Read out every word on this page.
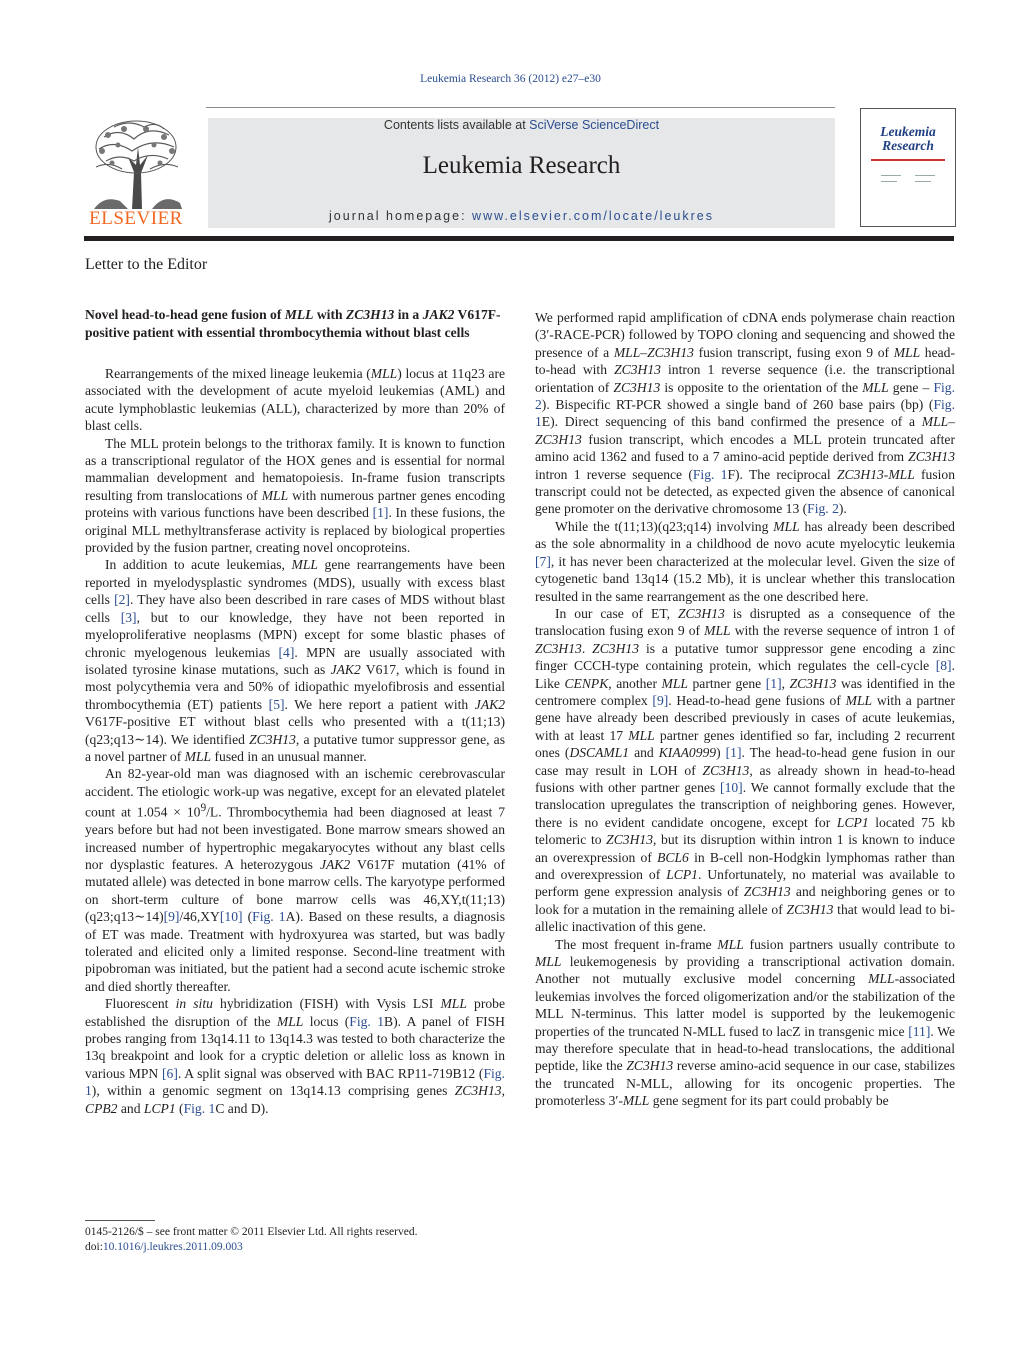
Leukemia Research 36 (2012) e27–e30
ELSEVIER
Contents lists available at SciVerse ScienceDirect
Leukemia Research
journal homepage: www.elsevier.com/locate/leukres
Leukemia
Research
Letter to the Editor
Novel head-to-head gene fusion of MLL with ZC3H13 in a JAK2 V617F-positive patient with essential thrombocythemia without blast cells

Rearrangements of the mixed lineage leukemia (MLL) locus at 11q23 are associated with the development of acute myeloid leukemias (AML) and acute lymphoblastic leukemias (ALL), characterized by more than 20% of blast cells.

The MLL protein belongs to the trithorax family. It is known to function as a transcriptional regulator of the HOX genes and is essential for normal mammalian development and hematopoiesis. In-frame fusion transcripts resulting from translocations of MLL with numerous partner genes encoding proteins with various functions have been described [1]. In these fusions, the original MLL methyltransferase activity is replaced by biological properties provided by the fusion partner, creating novel oncoproteins.

In addition to acute leukemias, MLL gene rearrangements have been reported in myelodysplastic syndromes (MDS), usually with excess blast cells [2]. They have also been described in rare cases of MDS without blast cells [3], but to our knowledge, they have not been reported in myeloproliferative neoplasms (MPN) except for some blastic phases of chronic myelogenous leukemias [4]. MPN are usually associated with isolated tyrosine kinase mutations, such as JAK2 V617, which is found in most polycythemia vera and 50% of idiopathic myelofibrosis and essential thrombocythemia (ET) patients [5]. We here report a patient with JAK2 V617F-positive ET without blast cells who presented with a t(11;13)(q23;q13∼14). We identified ZC3H13, a putative tumor suppressor gene, as a novel partner of MLL fused in an unusual manner.

An 82-year-old man was diagnosed with an ischemic cerebrovascular accident. The etiologic work-up was negative, except for an elevated platelet count at $1.054 \times 10^9/L$. Thrombocythemia had been diagnosed at least 7 years before but had not been investigated. Bone marrow smears showed an increased number of hypertrophic megakaryocytes without any blast cells nor dysplastic features. A heterozygous JAK2 V617F mutation (41% of mutated allele) was detected in bone marrow cells. The karyotype performed on short-term culture of bone marrow cells was 46,XY,t(11;13)(q23;q13∼14)[9]/46,XY[10] (Fig. 1A). Based on these results, a diagnosis of ET was made. Treatment with hydroxyurea was started, but was badly tolerated and elicited only a limited response. Second-line treatment with pipobroman was initiated, but the patient had a second acute ischemic stroke and died shortly thereafter.

Fluorescent in situ hybridization (FISH) with Vysis LSI MLL probe established the disruption of the MLL locus (Fig. 1B). A panel of FISH probes ranging from 13q14.11 to 13q14.3 was tested to both characterize the 13q breakpoint and look for a cryptic deletion or allelic loss as known in various MPN [6]. A split signal was observed with BAC RP11-719B12 (Fig. 1), within a genomic segment on 13q14.13 comprising genes ZC3H13, CPB2 and LCP1 (Fig. 1C and D).

We performed rapid amplification of cDNA ends polymerase chain reaction (3′-RACE-PCR) followed by TOPO cloning and sequencing and showed the presence of a MLL–ZC3H13 fusion transcript, fusing exon 9 of MLL head-to-head with ZC3H13 intron 1 reverse sequence (i.e. the transcriptional orientation of ZC3H13 is opposite to the orientation of the MLL gene – Fig. 2). Bispecific RT-PCR showed a single band of 260 base pairs (bp) (Fig. 1E). Direct sequencing of this band confirmed the presence of a MLL–ZC3H13 fusion transcript, which encodes a MLL protein truncated after amino acid 1362 and fused to a 7 amino-acid peptide derived from ZC3H13 intron 1 reverse sequence (Fig. 1F). The reciprocal ZC3H13-MLL fusion transcript could not be detected, as expected given the absence of canonical gene promoter on the derivative chromosome 13 (Fig. 2).

While the t(11;13)(q23;q14) involving MLL has already been described as the sole abnormality in a childhood de novo acute myelocytic leukemia [7], it has never been characterized at the molecular level. Given the size of cytogenetic band 13q14 (15.2 Mb), it is unclear whether this translocation resulted in the same rearrangement as the one described here.

In our case of ET, ZC3H13 is disrupted as a consequence of the translocation fusing exon 9 of MLL with the reverse sequence of intron 1 of ZC3H13. ZC3H13 is a putative tumor suppressor gene encoding a zinc finger CCCH-type containing protein, which regulates the cell-cycle [8]. Like CENPK, another MLL partner gene [1], ZC3H13 was identified in the centromere complex [9]. Head-to-head gene fusions of MLL with a partner gene have already been described previously in cases of acute leukemias, with at least 17 MLL partner genes identified so far, including 2 recurrent ones (DSCAML1 and KIAA0999) [1]. The head-to-head gene fusion in our case may result in LOH of ZC3H13, as already shown in head-to-head fusions with other partner genes [10]. We cannot formally exclude that the translocation upregulates the transcription of neighboring genes. However, there is no evident candidate oncogene, except for LCP1 located 75 kb telomeric to ZC3H13, but its disruption within intron 1 is known to induce an overexpression of BCL6 in B-cell non-Hodgkin lymphomas rather than and overexpression of LCP1. Unfortunately, no material was available to perform gene expression analysis of ZC3H13 and neighboring genes or to look for a mutation in the remaining allele of ZC3H13 that would lead to bi-allelic inactivation of this gene.

The most frequent in-frame MLL fusion partners usually contribute to MLL leukemogenesis by providing a transcriptional activation domain. Another not mutually exclusive model concerning MLL-associated leukemias involves the forced oligomerization and/or the stabilization of the MLL N-terminus. This latter model is supported by the leukemogenic properties of the truncated N-MLL fused to lacZ in transgenic mice [11]. We may therefore speculate that in head-to-head translocations, the additional peptide, like the ZC3H13 reverse amino-acid sequence in our case, stabilizes the truncated N-MLL, allowing for its oncogenic properties. The promoterless 3′-MLL gene segment for its part could probably be

0145-2126/$ – see front matter © 2011 Elsevier Ltd. All rights reserved.
doi:10.1016/j.leukres.2011.09.003
